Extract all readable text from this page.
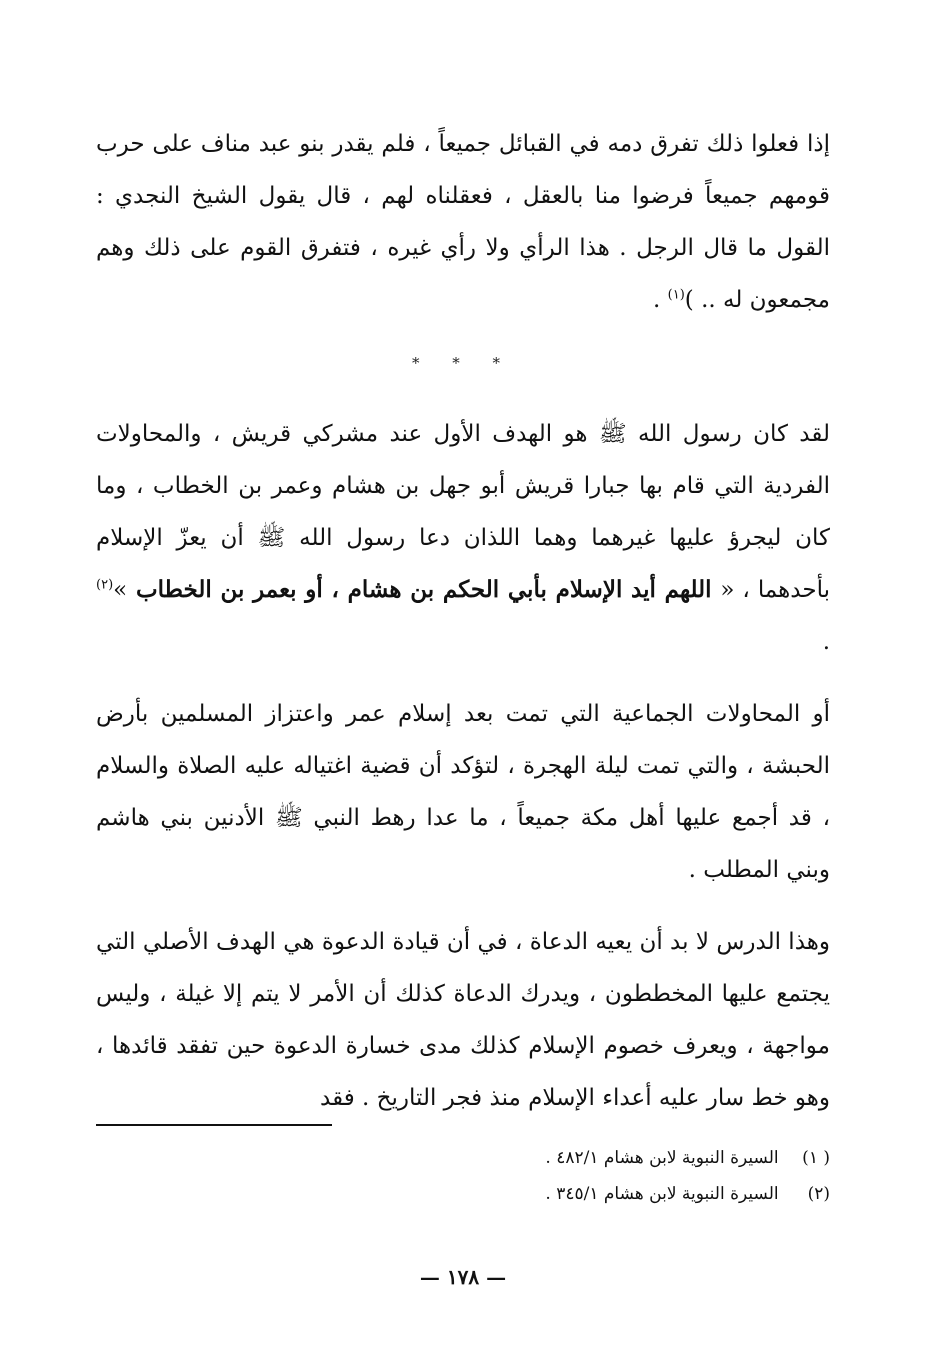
إذا فعلوا ذلك تفرق دمه في القبائل جميعاً ، فلم يقدر بنو عبد مناف على حرب قومهم جميعاً فرضوا منا بالعقل ، فعقلناه لهم ، قال يقول الشيخ النجدي : القول ما قال الرجل . هذا الرأي ولا رأي غيره ، فتفرق القوم على ذلك وهم مجمعون له .. )$^{(١)}$ .

* * *

لقد كان رسول الله ﷺ هو الهدف الأول عند مشركي قريش ، والمحاولات الفردية التي قام بها جبارا قريش أبو جهل بن هشام وعمر بن الخطاب ، وما كان ليجرؤ عليها غيرهما وهما اللذان دعا رسول الله ﷺ أن يعزّ الإسلام بأحدهما ، « اللهم أيد الإسلام بأبي الحكم بن هشام ، أو بعمر بن الخطاب »$^{(٢)}$ .

أو المحاولات الجماعية التي تمت بعد إسلام عمر واعتزاز المسلمين بأرض الحبشة ، والتي تمت ليلة الهجرة ، لتؤكد أن قضية اغتياله عليه الصلاة والسلام ، قد أجمع عليها أهل مكة جميعاً ، ما عدا رهط النبي ﷺ الأدنين بني هاشم وبني المطلب .

وهذا الدرس لا بد أن يعيه الدعاة ، في أن قيادة الدعوة هي الهدف الأصلي التي يجتمع عليها المخططون ، ويدرك الدعاة كذلك أن الأمر لا يتم إلا غيلة ، وليس مواجهة ، ويعرف خصوم الإسلام كذلك مدى خسارة الدعوة حين تفقد قائدها ، وهو خط سار عليه أعداء الإسلام منذ فجر التاريخ . فقد

( ١) السيرة النبوية لابن هشام ٤٨٢/١ .
(٢) السيرة النبوية لابن هشام ٣٤٥/١ .
— ١٧٨ —
